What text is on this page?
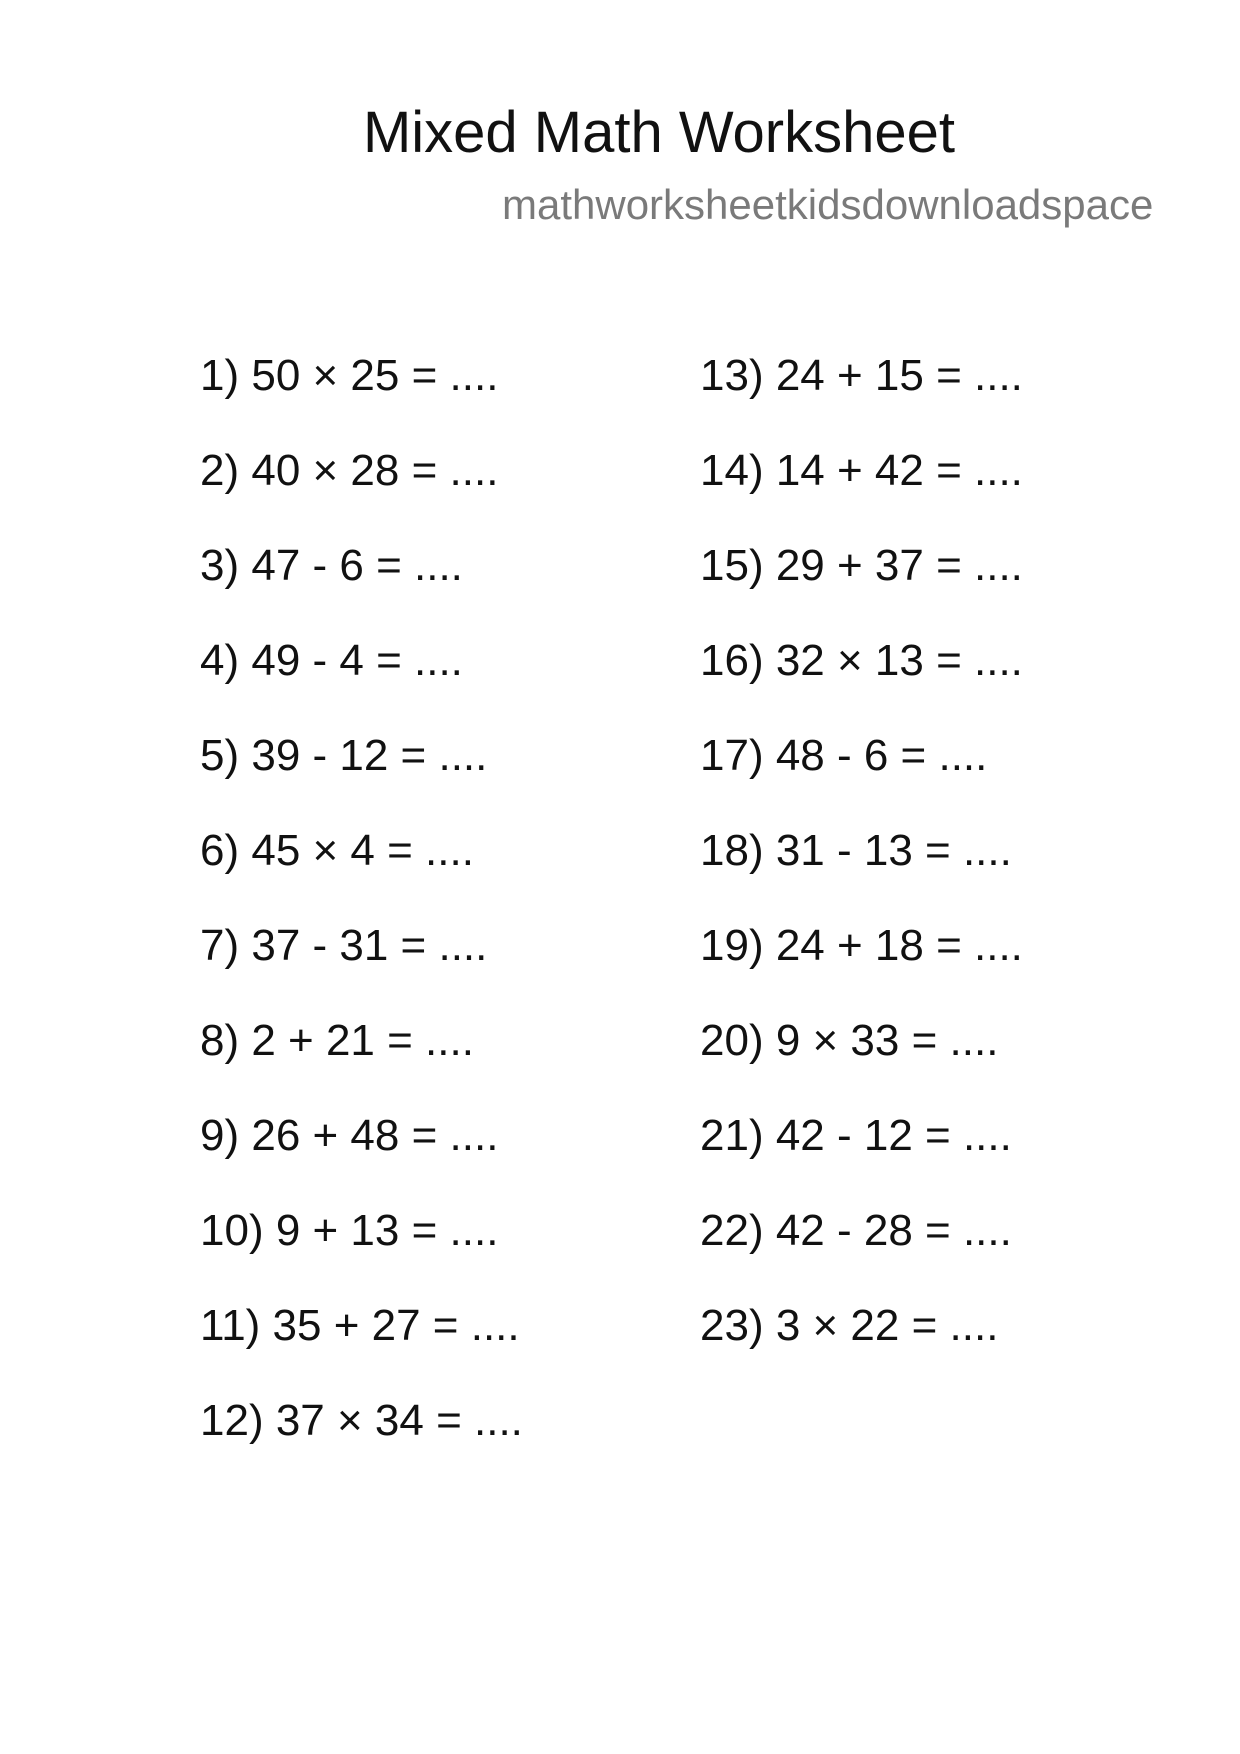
Mixed Math Worksheet
mathworksheetkidsdownloadspace
1) 50 × 25 = ....
2) 40 × 28 = ....
3) 47 - 6 = ....
4) 49 - 4 = ....
5) 39 - 12 = ....
6) 45 × 4 = ....
7) 37 - 31 = ....
8) 2 + 21 = ....
9) 26 + 48 = ....
10) 9 + 13 = ....
11) 35 + 27 = ....
12) 37 × 34 = ....
13) 24 + 15 = ....
14) 14 + 42 = ....
15) 29 + 37 = ....
16) 32 × 13 = ....
17) 48 - 6 = ....
18) 31 - 13 = ....
19) 24 + 18 = ....
20) 9 × 33 = ....
21) 42 - 12 = ....
22) 42 - 28 = ....
23) 3 × 22 = ....
